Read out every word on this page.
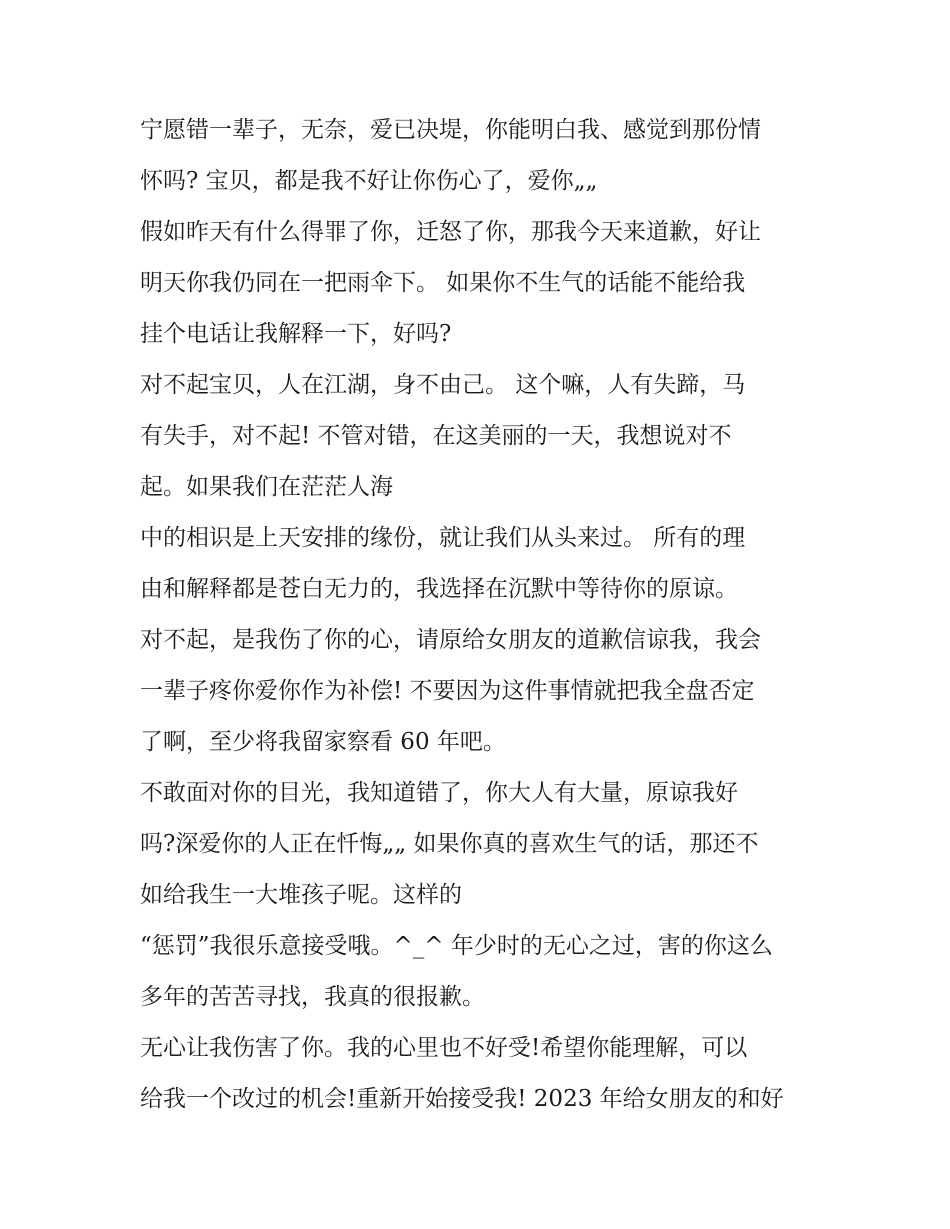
宁愿错一辈子，无奈，爱已决堤，你能明白我、感觉到那份情
怀吗? 宝贝，都是我不好让你伤心了，爱你„„
假如昨天有什么得罪了你，迁怒了你，那我今天来道歉，好让
明天你我仍同在一把雨伞下。 如果你不生气的话能不能给我
挂个电话让我解释一下，好吗?
对不起宝贝，人在江湖，身不由己。 这个嘛，人有失蹄，马
有失手，对不起! 不管对错，在这美丽的一天，我想说对不
起。如果我们在茫茫人海
中的相识是上天安排的缘份，就让我们从头来过。 所有的理
由和解释都是苍白无力的，我选择在沉默中等待你的原谅。
对不起，是我伤了你的心，请原给女朋友的道歉信谅我，我会
一辈子疼你爱你作为补偿! 不要因为这件事情就把我全盘否定
了啊，至少将我留家察看 60 年吧。
不敢面对你的目光，我知道错了，你大人有大量，原谅我好
吗?深爱你的人正在忏悔„„ 如果你真的喜欢生气的话，那还不
如给我生一大堆孩子呢。这样的
“惩罚”我很乐意接受哦。^_^ 年少时的无心之过，害的你这么
多年的苦苦寻找，我真的很报歉。
无心让我伤害了你。我的心里也不好受!希望你能理解，可以
给我一个改过的机会!重新开始接受我! 2023 年给女朋友的和好
